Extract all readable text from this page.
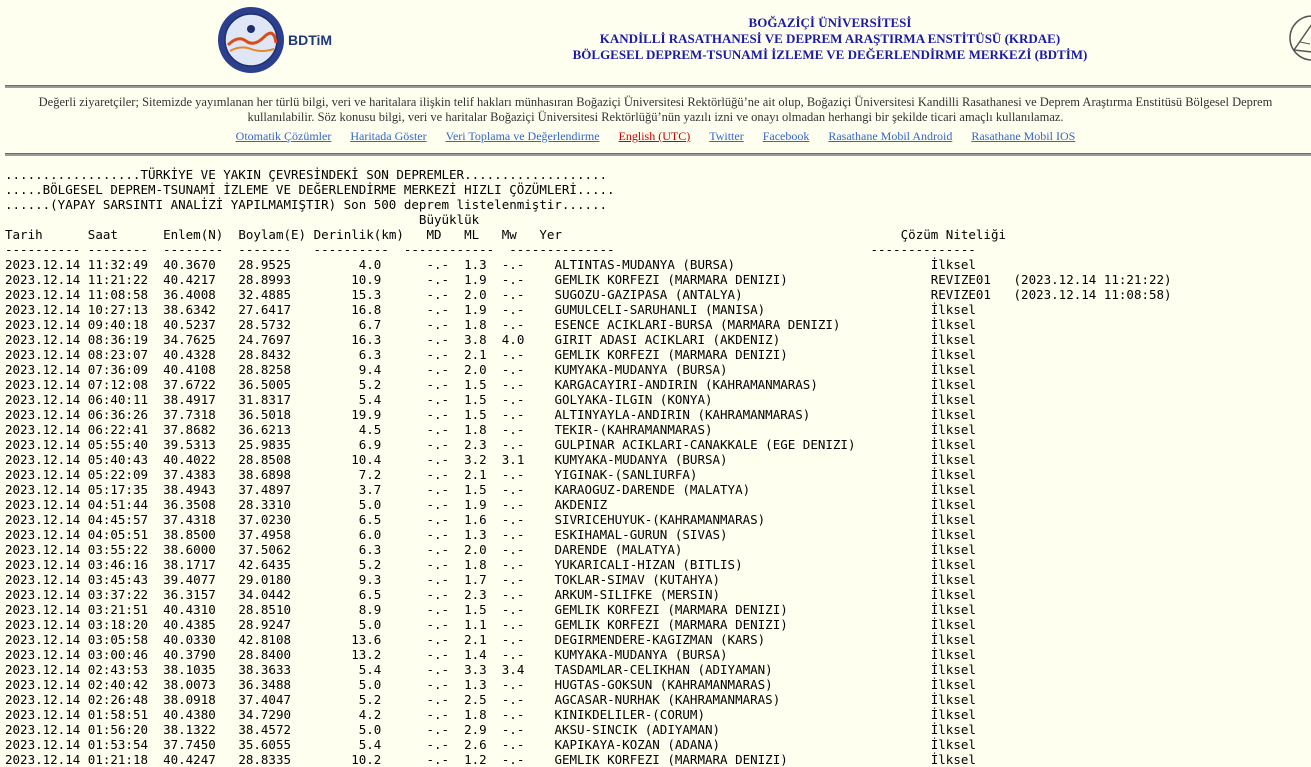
BDTiM
BOĞAZİÇİ ÜNİVERSİTESİ
KANDİLLİ RASATHANESİ VE DEPREM ARAŞTIRMA ENSTİTÜSÜ (KRDAE)
BÖLGESEL DEPREM-TSUNAMİ İZLEME VE DEĞERLENDİRME MERKEZİ (BDTİM)

Değerli ziyaretçiler; Sitemizde yayımlanan her türlü bilgi, veri ve haritalara ilişkin telif hakları münhasıran Boğaziçi Üniversitesi Rektörlüğü’ne ait olup, Boğaziçi Üniversitesi Kandilli Rasathanesi ve Deprem Araştırma Enstitüsü Bölgesel Deprem

kullanılabilir. Söz konusu bilgi, veri ve haritalar Boğaziçi Üniversitesi Rektörlüğü’nün yazılı izni ve onayı olmadan herhangi bir şekilde ticari amaçlı kullanılamaz.

Otomatik Çözümler Haritada Göster Veri Toplama ve Değerlendirme English (UTC) Twitter Facebook Rasathane Mobil Android Rasathane Mobil IOS
..................TÜRKİYE VE YAKIN ÇEVRESİNDEKİ SON DEPREMLER...................
.....BÖLGESEL DEPREM-TSUNAMİ İZLEME VE DEĞERLENDİRME MERKEZİ HIZLI ÇÖZÜMLERİ.....
......(YAPAY SARSINTI ANALİZİ YAPILMAMIŞTIR) Son 500 deprem listelenmiştir......
Büyüklük
Tarih      Saat      Enlem(N)  Boylam(E) Derinlik(km)   MD   ML   Mw   Yer                                             Çözüm Niteliği
---------- --------  --------  -------   ----------  ------------  --------------                                  --------------
2023.12.14 11:32:49  40.3670   28.9525         4.0      -.-  1.3  -.-    ALTINTAS-MUDANYA (BURSA)                          İlksel
2023.12.14 11:21:22  40.4217   28.8993        10.9      -.-  1.9  -.-    GEMLIK KORFEZI (MARMARA DENIZI)                   REVIZE01   (2023.12.14 11:21:22)
2023.12.14 11:08:58  36.4008   32.4885        15.3      -.-  2.0  -.-    SUGOZU-GAZIPASA (ANTALYA)                         REVIZE01   (2023.12.14 11:08:58)
2023.12.14 10:27:13  38.6342   27.6417        16.8      -.-  1.9  -.-    GUMULCELI-SARUHANLI (MANISA)                      İlksel
2023.12.14 09:40:18  40.5237   28.5732         6.7      -.-  1.8  -.-    ESENCE ACIKLARI-BURSA (MARMARA DENIZI)            İlksel
2023.12.14 08:36:19  34.7625   24.7697        16.3      -.-  3.8  4.0    GIRIT ADASI ACIKLARI (AKDENIZ)                    İlksel
2023.12.14 08:23:07  40.4328   28.8432         6.3      -.-  2.1  -.-    GEMLIK KORFEZI (MARMARA DENIZI)                   İlksel
2023.12.14 07:36:09  40.4108   28.8258         9.4      -.-  2.0  -.-    KUMYAKA-MUDANYA (BURSA)                           İlksel
2023.12.14 07:12:08  37.6722   36.5005         5.2      -.-  1.5  -.-    KARGACAYIRI-ANDIRIN (KAHRAMANMARAS)               İlksel
2023.12.14 06:40:11  38.4917   31.8317         5.4      -.-  1.5  -.-    GOLYAKA-ILGIN (KONYA)                             İlksel
2023.12.14 06:36:26  37.7318   36.5018        19.9      -.-  1.5  -.-    ALTINYAYLA-ANDIRIN (KAHRAMANMARAS)                İlksel
2023.12.14 06:22:41  37.8682   36.6213         4.5      -.-  1.8  -.-    TEKIR-(KAHRAMANMARAS)                             İlksel
2023.12.14 05:55:40  39.5313   25.9835         6.9      -.-  2.3  -.-    GULPINAR ACIKLARI-CANAKKALE (EGE DENIZI)          İlksel
2023.12.14 05:40:43  40.4022   28.8508        10.4      -.-  3.2  3.1    KUMYAKA-MUDANYA (BURSA)                           İlksel
2023.12.14 05:22:09  37.4383   38.6898         7.2      -.-  2.1  -.-    YIGINAK-(SANLIURFA)                               İlksel
2023.12.14 05:17:35  38.4943   37.4897         3.7      -.-  1.5  -.-    KARAOGUZ-DARENDE (MALATYA)                        İlksel
2023.12.14 04:51:44  36.3508   28.3310         5.0      -.-  1.9  -.-    AKDENIZ                                           İlksel
2023.12.14 04:45:57  37.4318   37.0230         6.5      -.-  1.6  -.-    SIVRICEHUYUK-(KAHRAMANMARAS)                      İlksel
2023.12.14 04:05:51  38.8500   37.4958         6.0      -.-  1.3  -.-    ESKIHAMAL-GURUN (SIVAS)                           İlksel
2023.12.14 03:55:22  38.6000   37.5062         6.3      -.-  2.0  -.-    DARENDE (MALATYA)                                 İlksel
2023.12.14 03:46:16  38.1717   42.6435         5.2      -.-  1.8  -.-    YUKARICALI-HIZAN (BITLIS)                         İlksel
2023.12.14 03:45:43  39.4077   29.0180         9.3      -.-  1.7  -.-    TOKLAR-SIMAV (KUTAHYA)                            İlksel
2023.12.14 03:37:22  36.3157   34.0442         6.5      -.-  2.3  -.-    ARKUM-SILIFKE (MERSIN)                            İlksel
2023.12.14 03:21:51  40.4310   28.8510         8.9      -.-  1.5  -.-    GEMLIK KORFEZI (MARMARA DENIZI)                   İlksel
2023.12.14 03:18:20  40.4385   28.9247         5.0      -.-  1.1  -.-    GEMLIK KORFEZI (MARMARA DENIZI)                   İlksel
2023.12.14 03:05:58  40.0330   42.8108        13.6      -.-  2.1  -.-    DEGIRMENDERE-KAGIZMAN (KARS)                      İlksel
2023.12.14 03:00:46  40.3790   28.8400        13.2      -.-  1.4  -.-    KUMYAKA-MUDANYA (BURSA)                           İlksel
2023.12.14 02:43:53  38.1035   38.3633         5.4      -.-  3.3  3.4    TASDAMLAR-CELIKHAN (ADIYAMAN)                     İlksel
2023.12.14 02:40:42  38.0073   36.3488         5.0      -.-  1.3  -.-    HUGTAS-GOKSUN (KAHRAMANMARAS)                     İlksel
2023.12.14 02:26:48  38.0918   37.4047         5.2      -.-  2.5  -.-    AGCASAR-NURHAK (KAHRAMANMARAS)                    İlksel
2023.12.14 01:58:51  40.4380   34.7290         4.2      -.-  1.8  -.-    KINIKDELILER-(CORUM)                              İlksel
2023.12.14 01:56:20  38.1322   38.4572         5.0      -.-  2.9  -.-    AKSU-SINCIK (ADIYAMAN)                            İlksel
2023.12.14 01:53:54  37.7450   35.6055         5.4      -.-  2.6  -.-    KAPIKAYA-KOZAN (ADANA)                            İlksel
2023.12.14 01:21:18  40.4247   28.8335        10.2      -.-  1.2  -.-    GEMLIK KORFEZI (MARMARA DENIZI)                   İlksel
